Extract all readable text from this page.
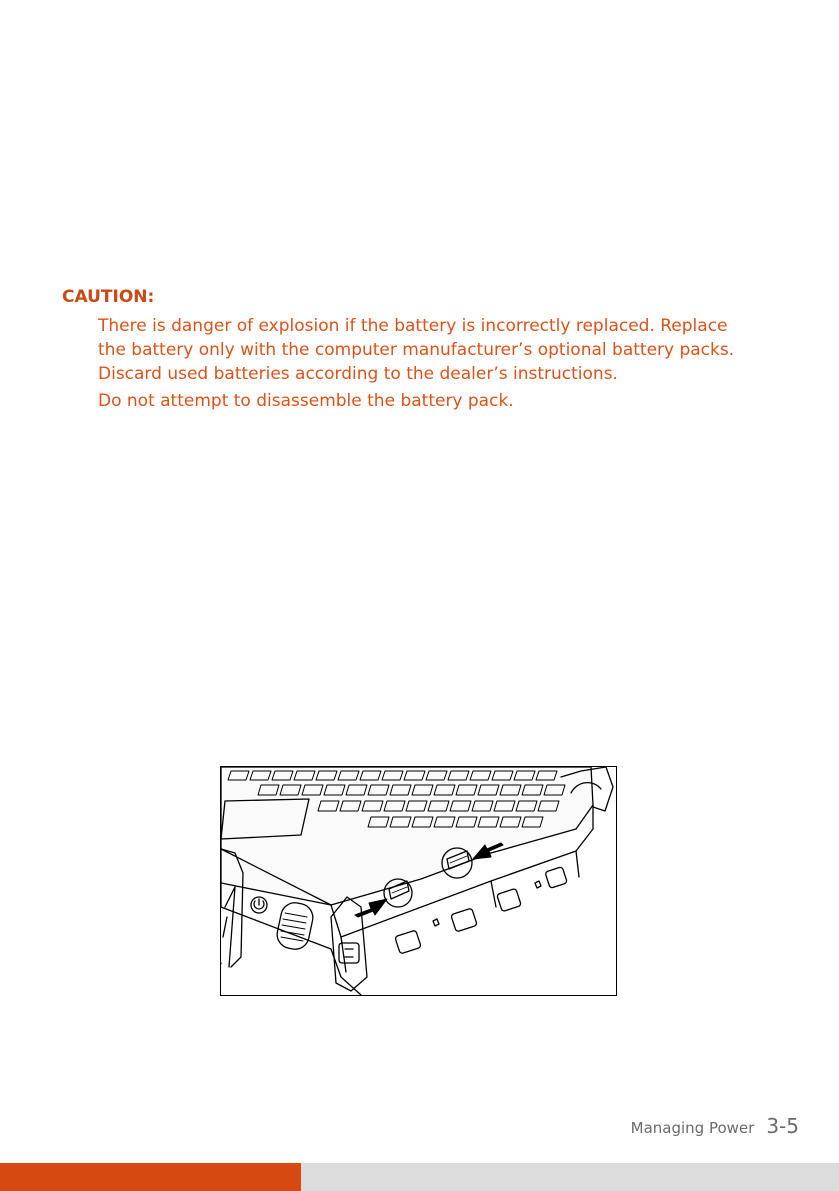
CAUTION:

There is danger of explosion if the battery is incorrectly replaced. Replace the battery only with the computer manufacturer’s optional battery packs. Discard used batteries according to the dealer’s instructions.

Do not attempt to disassemble the battery pack.

Managing Power 3-5
